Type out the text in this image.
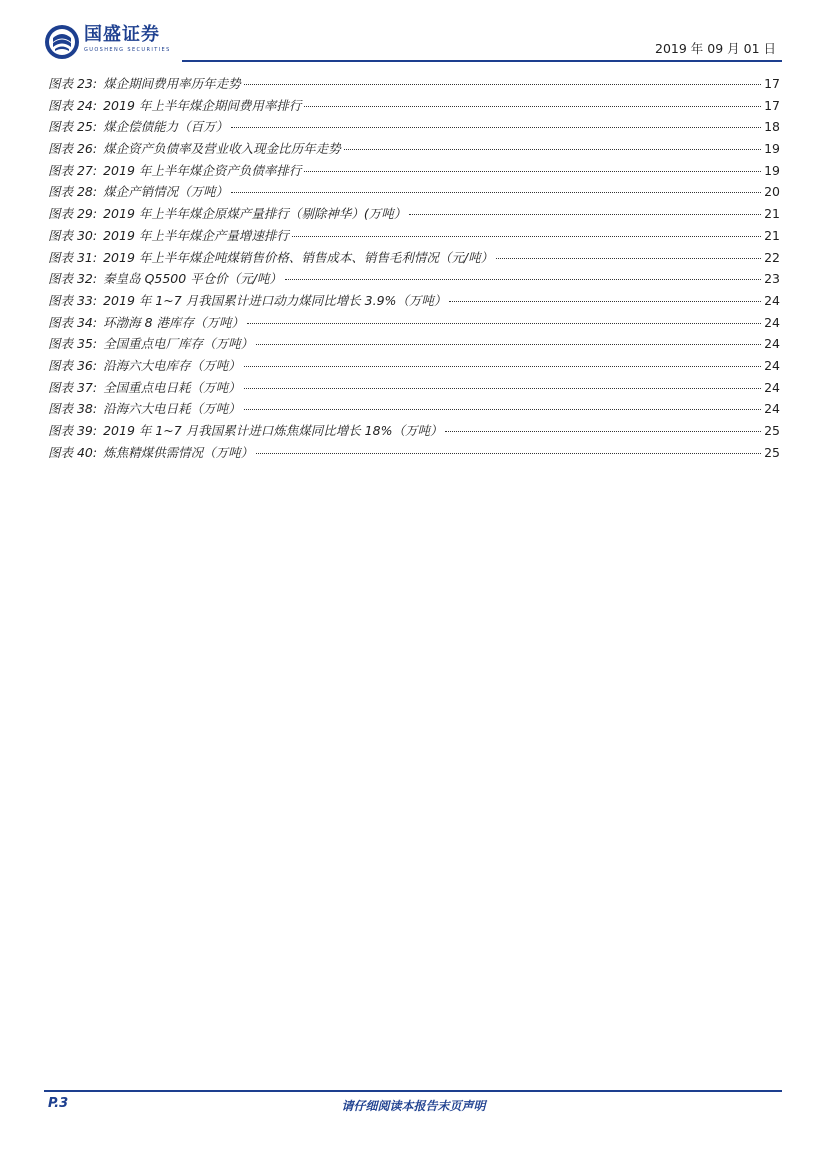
国盛证券
GUOSHENG SECURITIES	2019 年 09 月 01 日
图表 23: 煤企期间费用率历年走势	17
图表 24: 2019 年上半年煤企期间费用率排行	17
图表 25: 煤企偿债能力（百万）	18
图表 26: 煤企资产负债率及营业收入现金比历年走势	19
图表 27: 2019 年上半年煤企资产负债率排行	19
图表 28: 煤企产销情况（万吨）	20
图表 29: 2019 年上半年煤企原煤产量排行（剔除神华）(万吨）	21
图表 30: 2019 年上半年煤企产量增速排行	21
图表 31: 2019 年上半年煤企吨煤销售价格、销售成本、销售毛利情况（元/吨）	22
图表 32: 秦皇岛 Q5500 平仓价（元/吨）	23
图表 33: 2019 年 1~7 月我国累计进口动力煤同比增长 3.9%（万吨）	24
图表 34: 环渤海 8 港库存（万吨）	24
图表 35: 全国重点电厂库存（万吨）	24
图表 36: 沿海六大电库存（万吨）	24
图表 37: 全国重点电日耗（万吨）	24
图表 38: 沿海六大电日耗（万吨）	24
图表 39: 2019 年 1~7 月我国累计进口炼焦煤同比增长 18%（万吨）	25
图表 40: 炼焦精煤供需情况（万吨）	25
P.3	请仔细阅读本报告末页声明
